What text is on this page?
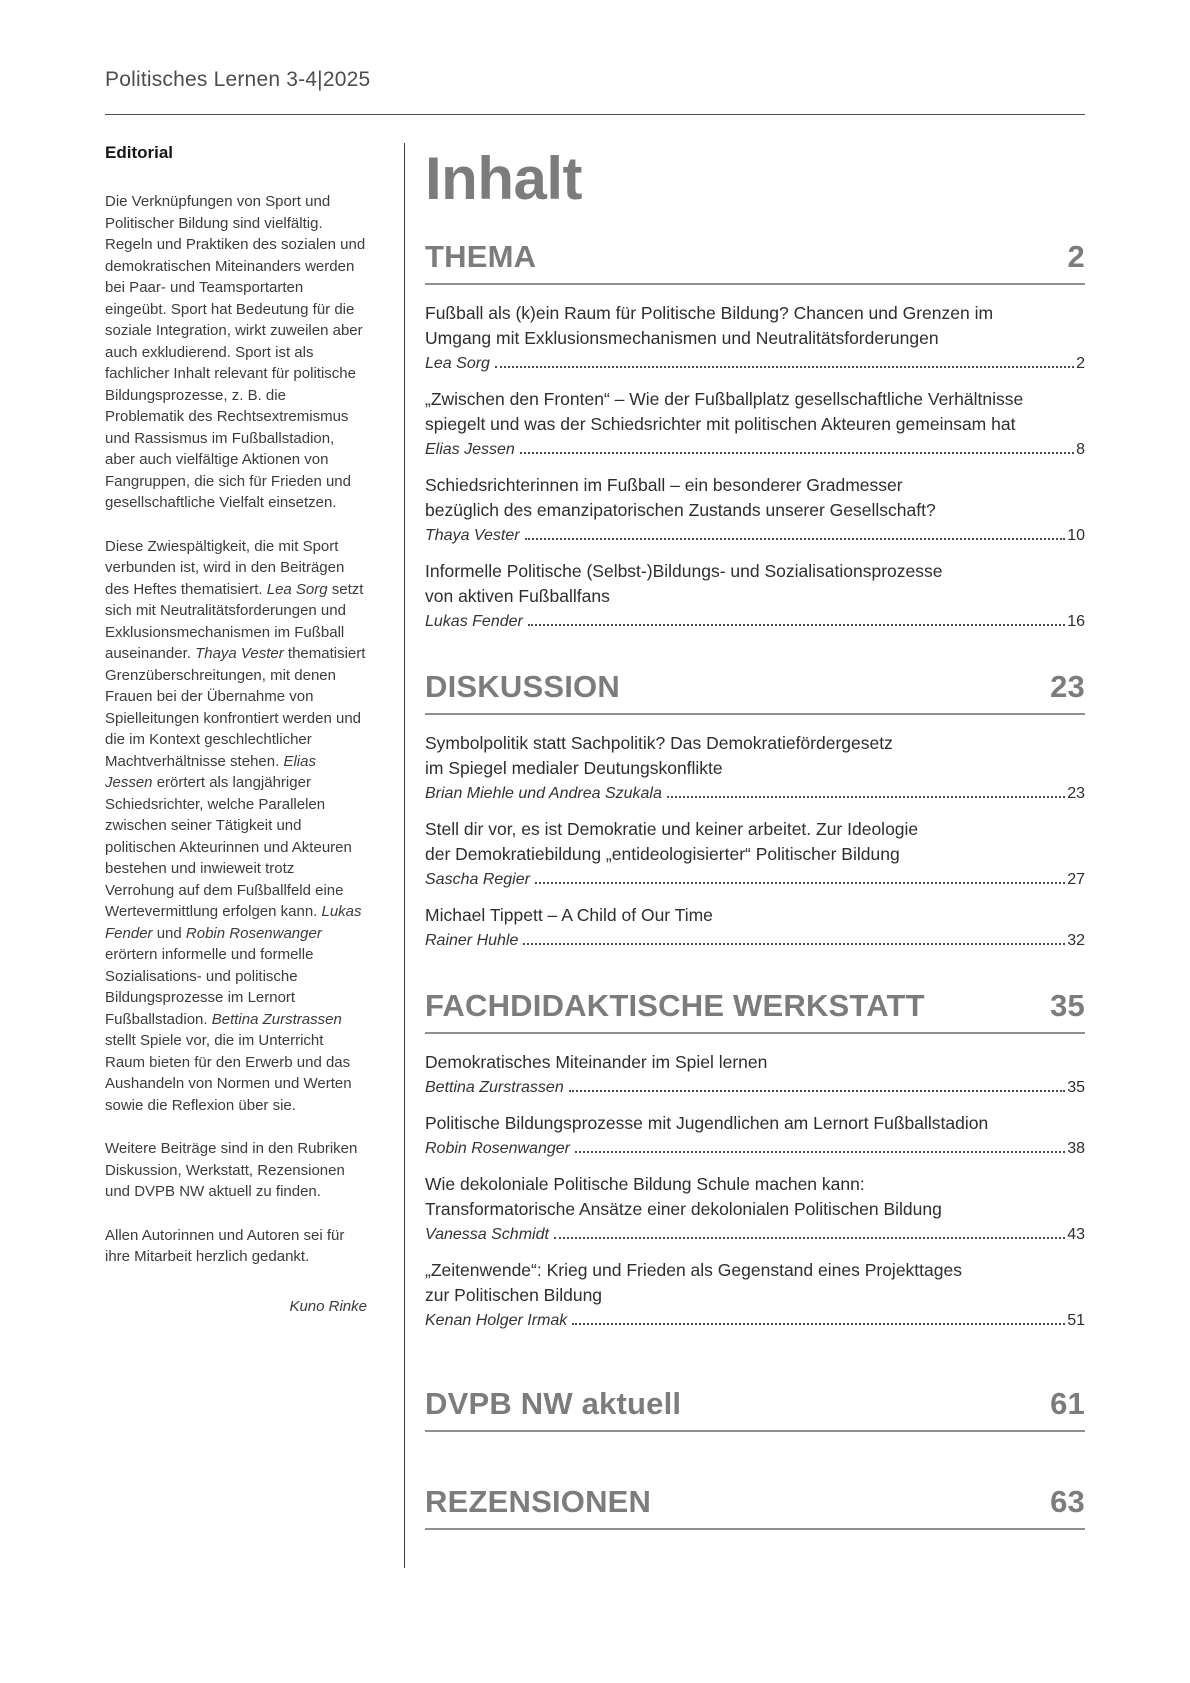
Politisches Lernen 3-4|2025
Editorial

Die Verknüpfungen von Sport und Politischer Bildung sind vielfältig. Regeln und Praktiken des sozialen und demokratischen Miteinanders werden bei Paar- und Teamsportarten eingeübt. Sport hat Bedeutung für die soziale Integration, wirkt zuweilen aber auch exkludierend. Sport ist als fachlicher Inhalt relevant für politische Bildungsprozesse, z. B. die Problematik des Rechtsextremismus und Rassismus im Fußballstadion, aber auch vielfältige Aktionen von Fangruppen, die sich für Frieden und gesellschaftliche Vielfalt einsetzen.

Diese Zwiespältigkeit, die mit Sport verbunden ist, wird in den Beiträgen des Heftes thematisiert. Lea Sorg setzt sich mit Neutralitätsforderungen und Exklusionsmechanismen im Fußball auseinander. Thaya Vester thematisiert Grenzüberschreitungen, mit denen Frauen bei der Übernahme von Spielleitungen konfrontiert werden und die im Kontext geschlechtlicher Machtverhältnisse stehen. Elias Jessen erörtert als langjähriger Schiedsrichter, welche Parallelen zwischen seiner Tätigkeit und politischen Akteurinnen und Akteuren bestehen und inwieweit trotz Verrohung auf dem Fußballfeld eine Wertevermittlung erfolgen kann. Lukas Fender und Robin Rosenwanger erörtern informelle und formelle Sozialisations- und politische Bildungsprozesse im Lernort Fußballstadion. Bettina Zurstrassen stellt Spiele vor, die im Unterricht Raum bieten für den Erwerb und das Aushandeln von Normen und Werten sowie die Reflexion über sie.

Weitere Beiträge sind in den Rubriken Diskussion, Werkstatt, Rezensionen und DVPB NW aktuell zu finden.

Allen Autorinnen und Autoren sei für ihre Mitarbeit herzlich gedankt.

Kuno Rinke
Inhalt
THEMA	2
Fußball als (k)ein Raum für Politische Bildung? Chancen und Grenzen im
Umgang mit Exklusionsmechanismen und Neutralitätsforderungen
Lea Sorg	2
„Zwischen den Fronten“ – Wie der Fußballplatz gesellschaftliche Verhältnisse
spiegelt und was der Schiedsrichter mit politischen Akteuren gemeinsam hat
Elias Jessen	8
Schiedsrichterinnen im Fußball – ein besonderer Gradmesser
bezüglich des emanzipatorischen Zustands unserer Gesellschaft?
Thaya Vester	10
Informelle Politische (Selbst-)Bildungs- und Sozialisationsprozesse
von aktiven Fußballfans
Lukas Fender	16
DISKUSSION	23
Symbolpolitik statt Sachpolitik? Das Demokratiefördergesetz
im Spiegel medialer Deutungskonflikte
Brian Miehle und Andrea Szukala	23
Stell dir vor, es ist Demokratie und keiner arbeitet. Zur Ideologie
der Demokratiebildung „entideologisierter“ Politischer Bildung
Sascha Regier	27
Michael Tippett – A Child of Our Time
Rainer Huhle	32
FACHDIDAKTISCHE WERKSTATT	35
Demokratisches Miteinander im Spiel lernen
Bettina Zurstrassen	35
Politische Bildungsprozesse mit Jugendlichen am Lernort Fußballstadion
Robin Rosenwanger	38
Wie dekoloniale Politische Bildung Schule machen kann:
Transformatorische Ansätze einer dekolonialen Politischen Bildung
Vanessa Schmidt	43
„Zeitenwende“: Krieg und Frieden als Gegenstand eines Projekttages
zur Politischen Bildung
Kenan Holger Irmak	51
DVPB NW aktuell	61
REZENSIONEN	63
